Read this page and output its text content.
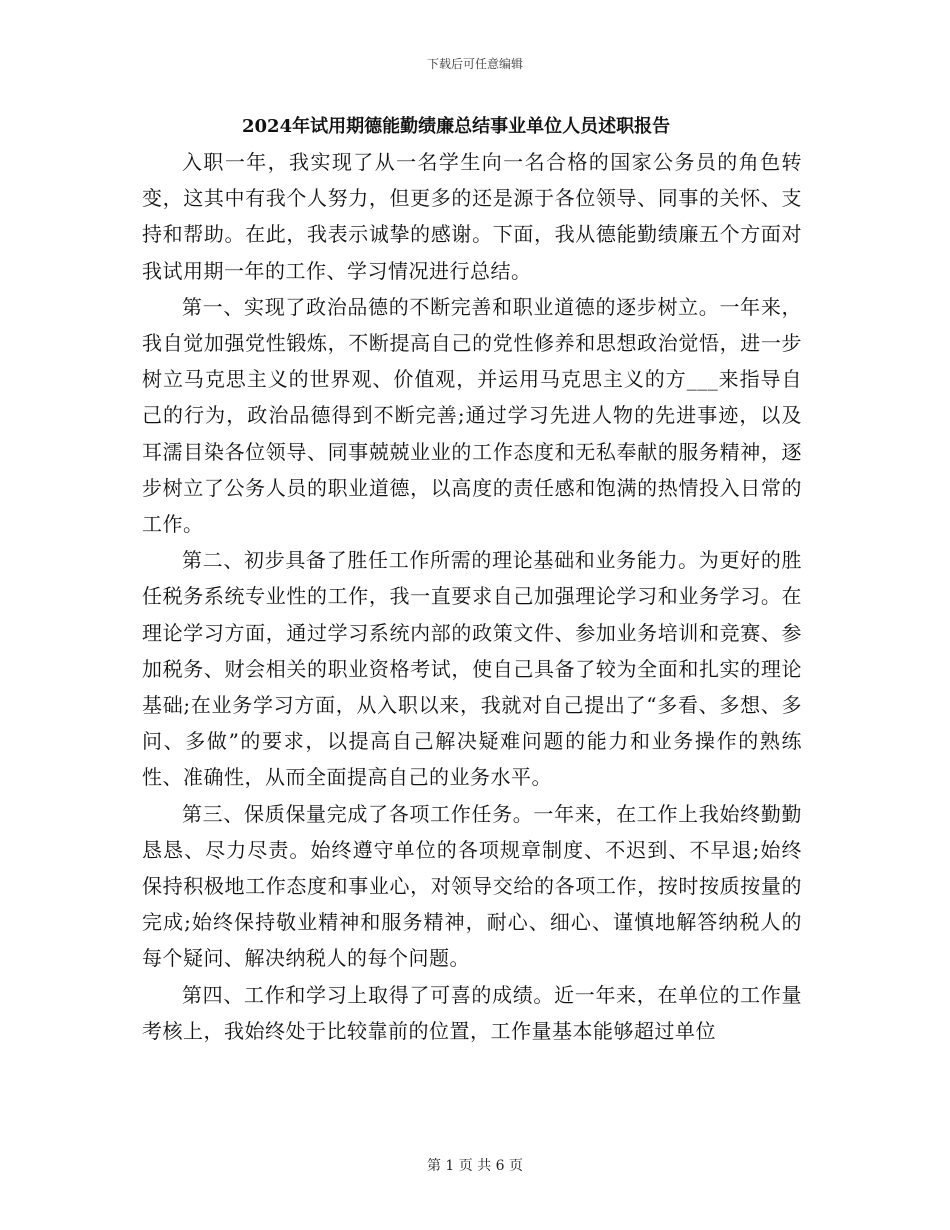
下载后可任意编辑
2024年试用期德能勤绩廉总结事业单位人员述职报告

入职一年，我实现了从一名学生向一名合格的国家公务员的角色转变，这其中有我个人努力，但更多的还是源于各位领导、同事的关怀、支持和帮助。在此，我表示诚挚的感谢。下面，我从德能勤绩廉五个方面对我试用期一年的工作、学习情况进行总结。

第一、实现了政治品德的不断完善和职业道德的逐步树立。一年来，我自觉加强党性锻炼，不断提高自己的党性修养和思想政治觉悟，进一步树立马克思主义的世界观、价值观，并运用马克思主义的方___来指导自己的行为，政治品德得到不断完善;通过学习先进人物的先进事迹，以及耳濡目染各位领导、同事兢兢业业的工作态度和无私奉献的服务精神，逐步树立了公务人员的职业道德，以高度的责任感和饱满的热情投入日常的工作。

第二、初步具备了胜任工作所需的理论基础和业务能力。为更好的胜任税务系统专业性的工作，我一直要求自己加强理论学习和业务学习。在理论学习方面，通过学习系统内部的政策文件、参加业务培训和竞赛、参加税务、财会相关的职业资格考试，使自己具备了较为全面和扎实的理论基础;在业务学习方面，从入职以来，我就对自己提出了“多看、多想、多问、多做”的要求，以提高自己解决疑难问题的能力和业务操作的熟练性、准确性，从而全面提高自己的业务水平。

第三、保质保量完成了各项工作任务。一年来，在工作上我始终勤勤恳恳、尽力尽责。始终遵守单位的各项规章制度、不迟到、不早退;始终保持积极地工作态度和事业心，对领导交给的各项工作，按时按质按量的完成;始终保持敬业精神和服务精神，耐心、细心、谨慎地解答纳税人的每个疑问、解决纳税人的每个问题。

第四、工作和学习上取得了可喜的成绩。近一年来，在单位的工作量考核上，我始终处于比较靠前的位置，工作量基本能够超过单位

第 1 页 共 6 页
